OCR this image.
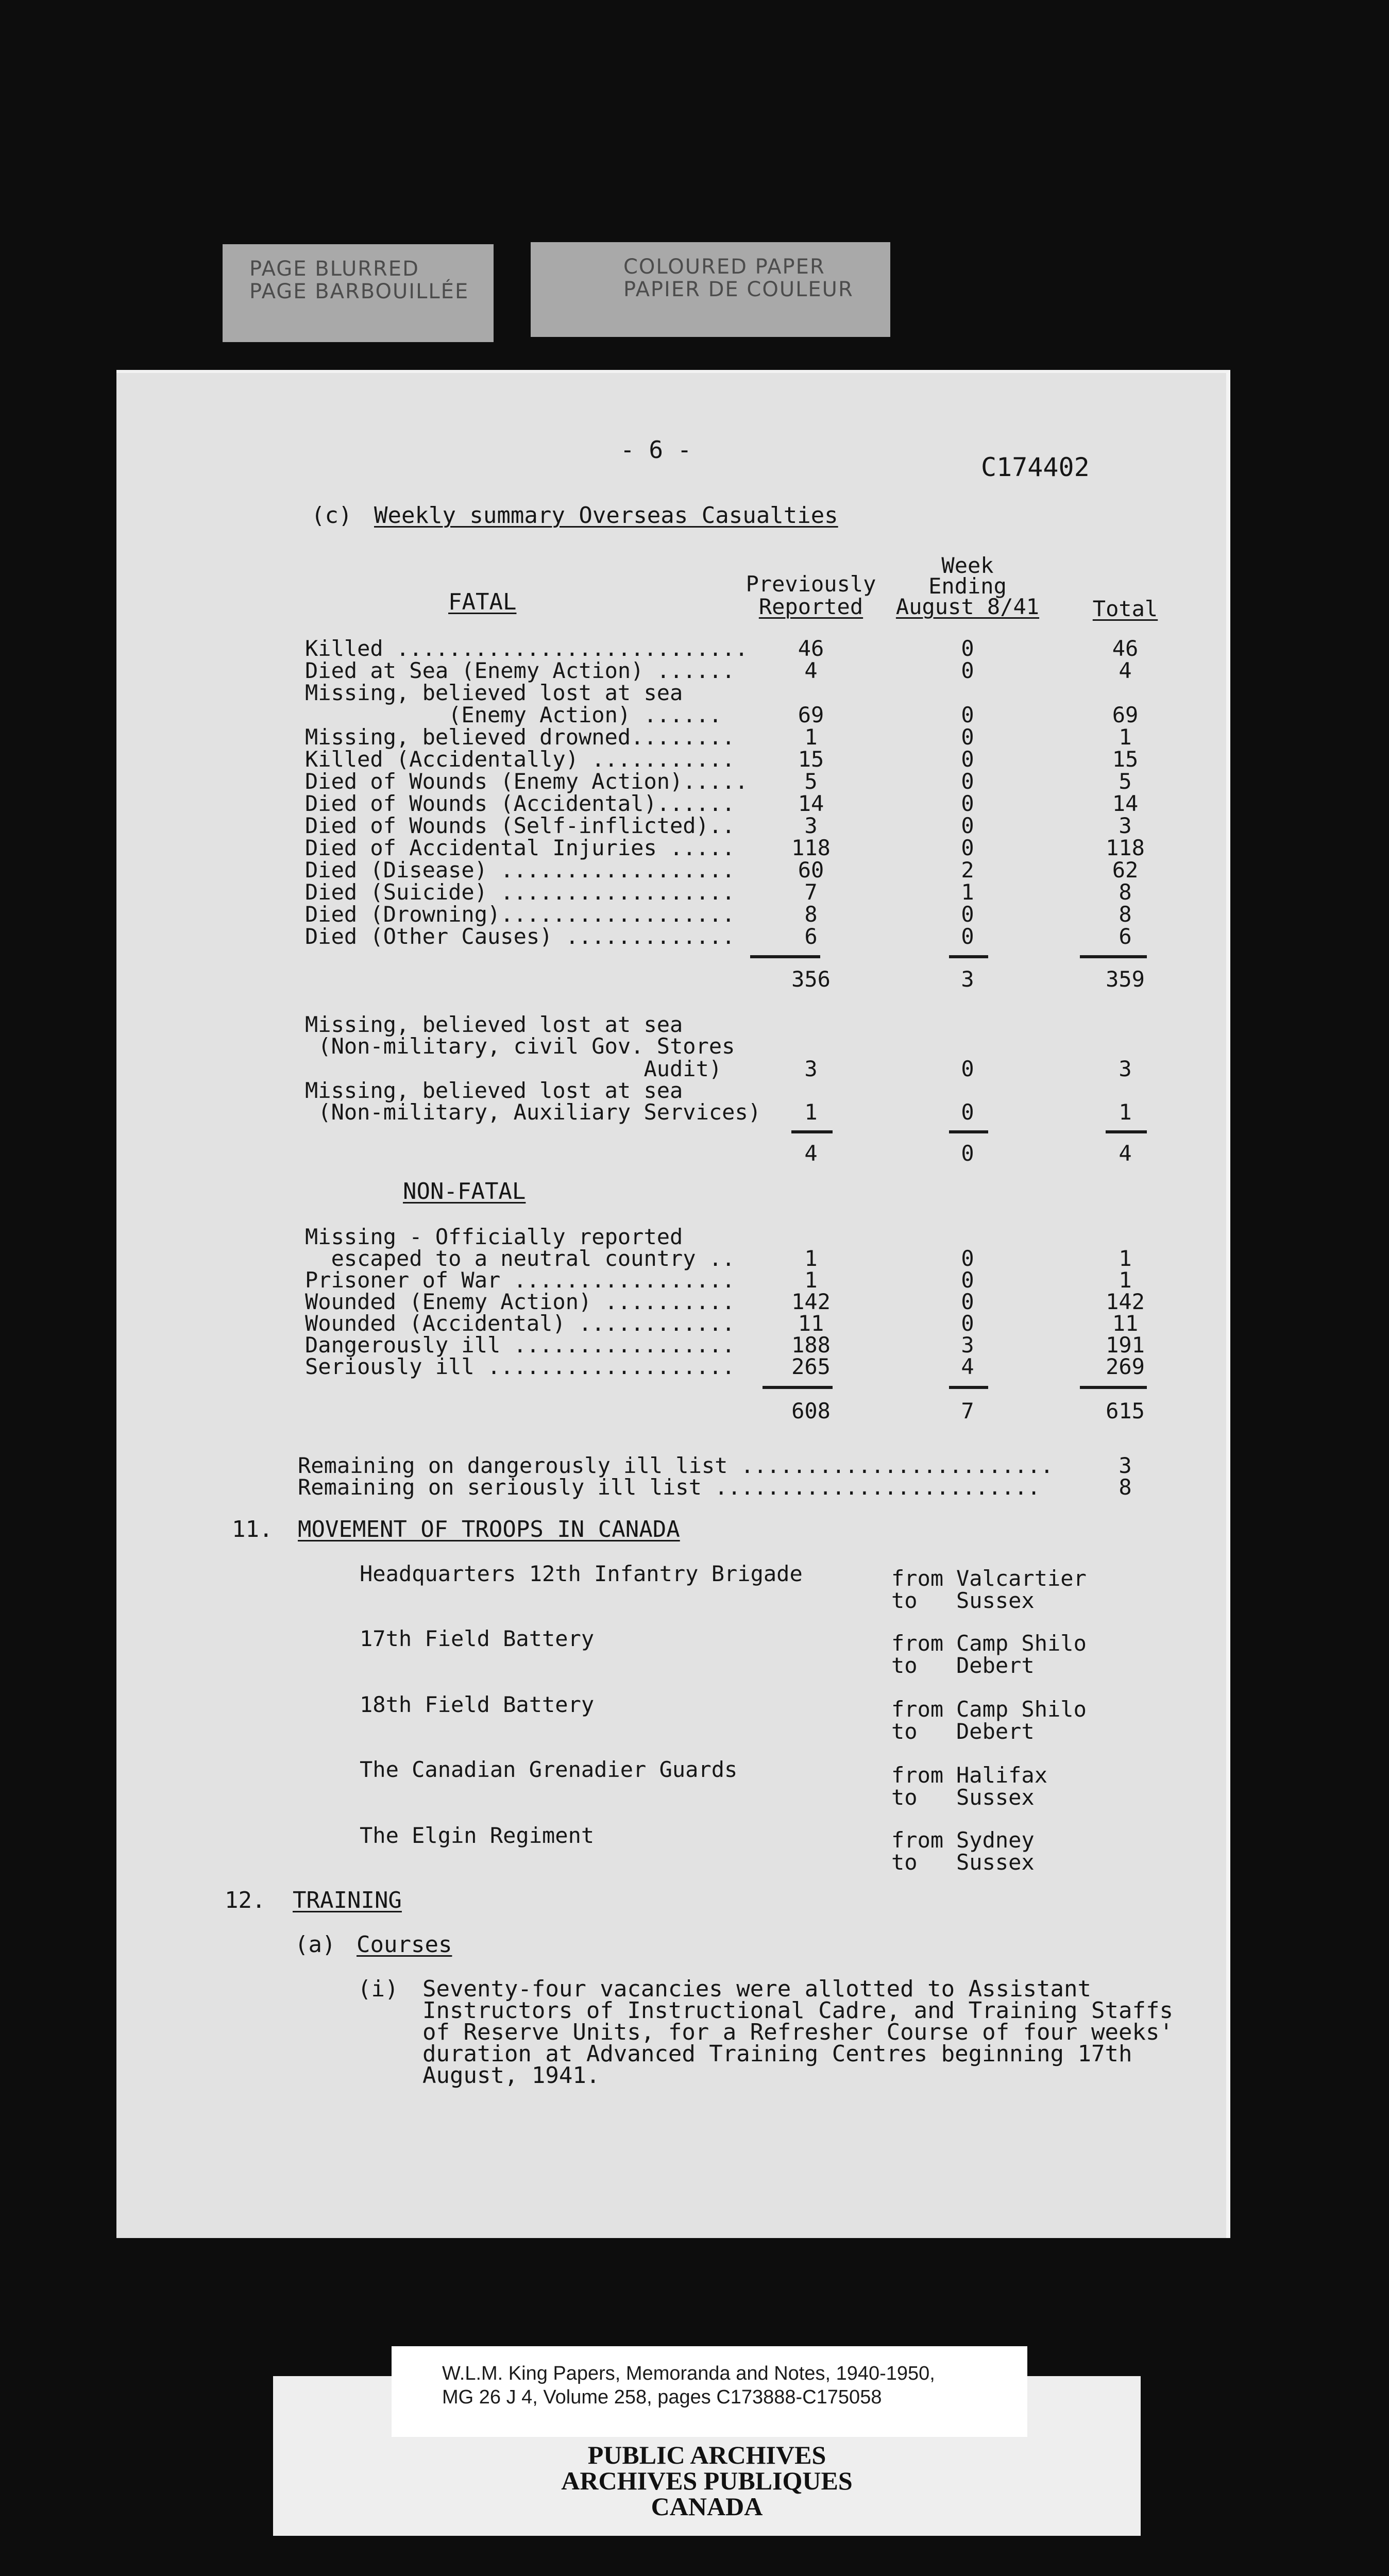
PAGE BLURRED
PAGE BARBOUILLÉE
COLOURED PAPER
PAPIER DE COULEUR
- 6 -
C174402
(c) Weekly summary Overseas Casualties
FATAL
Previously
Reported
Week
Ending
August 8/41	Total
Killed ...........................	46	0	46
Died at Sea (Enemy Action) ......	4	0	4
Missing, believed lost at sea
(Enemy Action) ......	69	0	69
Missing, believed drowned........	1	0	1
Killed (Accidentally) ...........	15	0	15
Died of Wounds (Enemy Action).....	5	0	5
Died of Wounds (Accidental)......	14	0	14
Died of Wounds (Self-inflicted)..	3	0	3
Died of Accidental Injuries .....	118	0	118
Died (Disease) ..................	60	2	62
Died (Suicide) ..................	7	1	8
Died (Drowning)..................	8	0	8
Died (Other Causes) .............	6	0	6
356	3	359
Missing, believed lost at sea
(Non-military, civil Gov. Stores
Audit)	3	0	3
Missing, believed lost at sea
(Non-military, Auxiliary Services)	1	0	1
4	0	4
NON-FATAL
Missing - Officially reported
escaped to a neutral country ..	1	0	1
Prisoner of War .................	1	0	1
Wounded (Enemy Action) ..........	142	0	142
Wounded (Accidental) ............	11	0	11
Dangerously ill .................	188	3	191
Seriously ill ...................	265	4	269
608	7	615
Remaining on dangerously ill list ........................	3
Remaining on seriously ill list .........................	8
11. MOVEMENT OF TROOPS IN CANADA
Headquarters 12th Infantry Brigade	from Valcartier
to Sussex
17th Field Battery	from Camp Shilo
to Debert
18th Field Battery	from Camp Shilo
to Debert
The Canadian Grenadier Guards	from Halifax
to Sussex
The Elgin Regiment	from Sydney
to Sussex
12. TRAINING
(a) Courses
(i) Seventy-four vacancies were allotted to Assistant
Instructors of Instructional Cadre, and Training Staffs
of Reserve Units, for a Refresher Course of four weeks'
duration at Advanced Training Centres beginning 17th
August, 1941.
W.L.M. King Papers, Memoranda and Notes, 1940-1950,
MG 26 J 4, Volume 258, pages C173888-C175058
PUBLIC ARCHIVES
ARCHIVES PUBLIQUES
CANADA
